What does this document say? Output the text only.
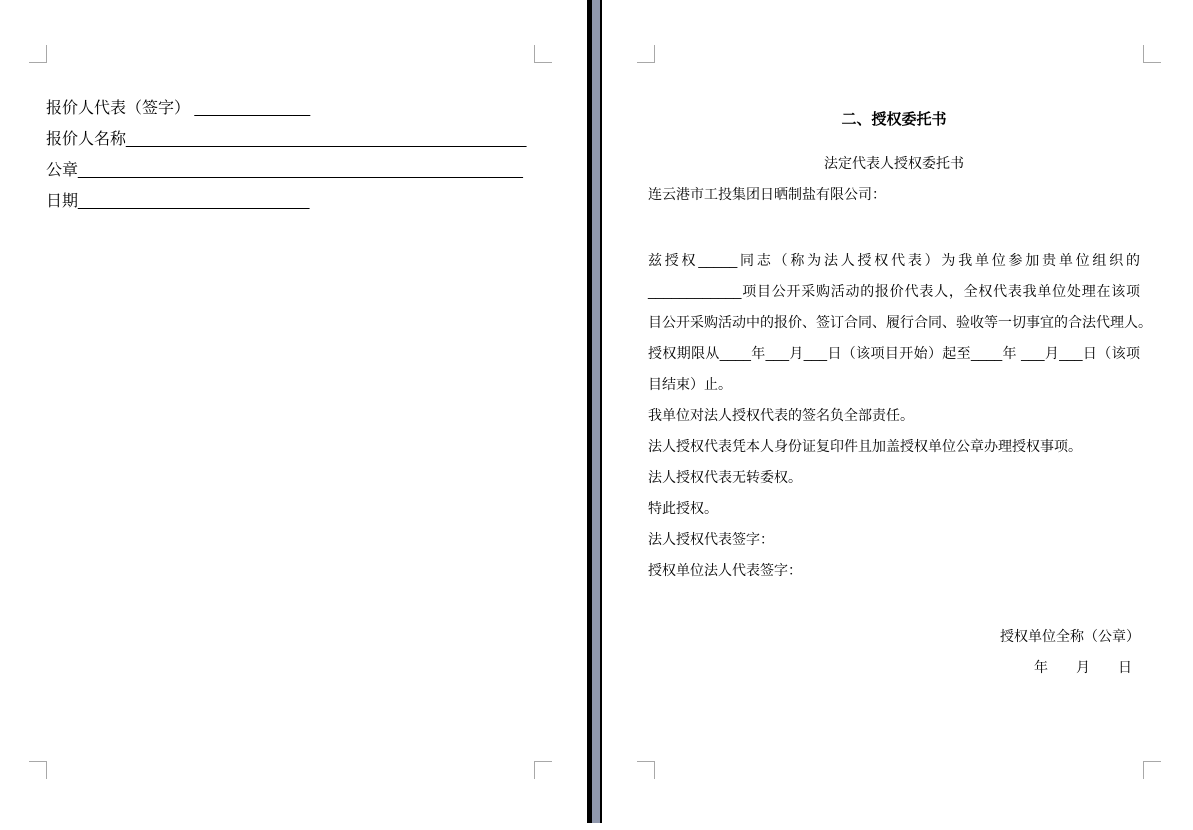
报价人代表（签字） _____________
报价人名称_____________________________________________
公章__________________________________________________
日期__________________________
二、授权委托书
法定代表人授权委托书
连云港市工投集团日晒制盐有限公司：
兹授权_____同志（称为法人授权代表）为我单位参加贵单位组织的
____________项目公开采购活动的报价代表人，全权代表我单位处理在该项
目公开采购活动中的报价、签订合同、履行合同、验收等一切事宜的合法代理人。
授权期限从____年___月___日（该项目开始）起至____年 ___月___日（该项
目结束）止。
我单位对法人授权代表的签名负全部责任。
法人授权代表凭本人身份证复印件且加盖授权单位公章办理授权事项。
法人授权代表无转委权。
特此授权。
法人授权代表签字：
授权单位法人代表签字：
授权单位全称（公章）
年　　月　　日
